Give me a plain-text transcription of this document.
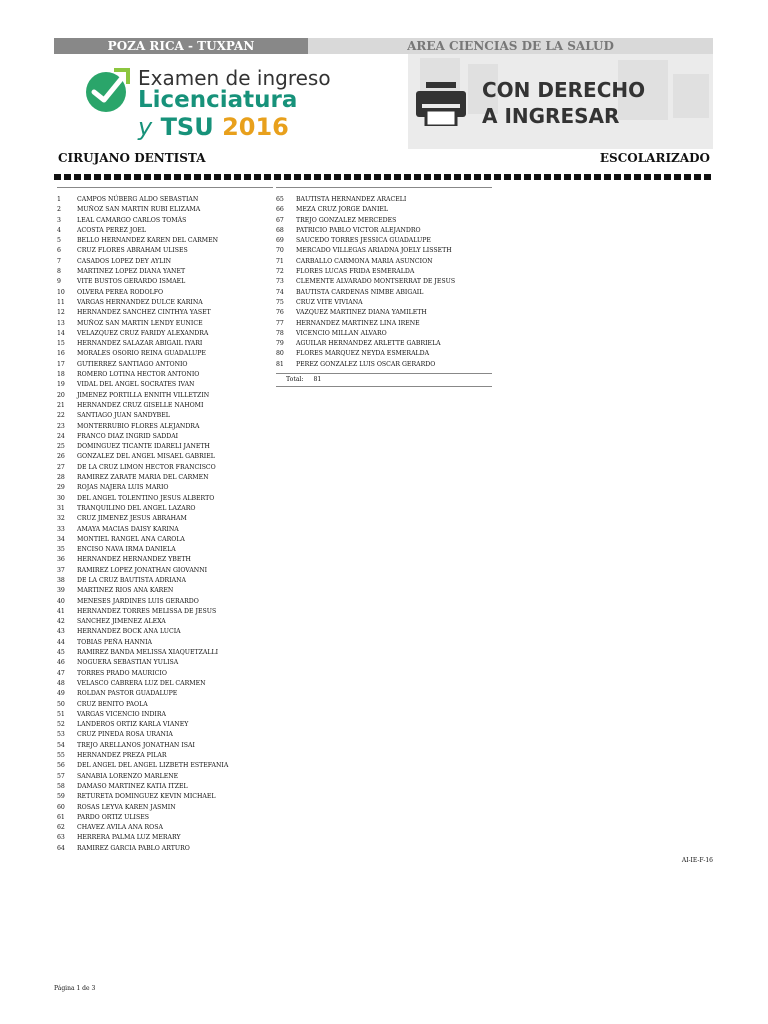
POZA RICA - TUXPAN	AREA CIENCIAS DE LA SALUD
Examen de ingreso
Licenciatura
y TSU 2016
CON DERECHO
A INGRESAR
CIRUJANO DENTISTA	ESCOLARIZADO
1	CAMPOS NÚBERG ALDO SEBASTIAN
2	MUÑOZ SAN MARTIN RUBI ELIZAMA
3	LEAL CAMARGO CARLOS TOMÁS
4	ACOSTA PEREZ JOEL
5	BELLO HERNANDEZ KAREN DEL CARMEN
6	CRUZ FLORES ABRAHAM ULISES
7	CASADOS LOPEZ DEY AYLIN
8	MARTINEZ LOPEZ DIANA YANET
9	VITE BUSTOS GERARDO ISMAEL
10	OLVERA PEREA RODOLFO
11	VARGAS HERNANDEZ DULCE KARINA
12	HERNANDEZ SANCHEZ CINTHYA YASET
13	MUÑOZ SAN MARTIN LENDY EUNICE
14	VELAZQUEZ CRUZ FARIDY ALEXANDRA
15	HERNANDEZ SALAZAR ABIGAIL IYARI
16	MORALES OSORIO REINA GUADALUPE
17	GUTIERREZ SANTIAGO ANTONIO
18	ROMERO LOTINA HECTOR ANTONIO
19	VIDAL DEL ANGEL SOCRATES IVAN
20	JIMENEZ PORTILLA ENNITH VILLETZIN
21	HERNANDEZ CRUZ GISELLE NAHOMI
22	SANTIAGO JUAN SANDYBEL
23	MONTERRUBIO FLORES ALEJANDRA
24	FRANCO DIAZ INGRID SADDAI
25	DOMINGUEZ TICANTE IDARELI JANETH
26	GONZALEZ DEL ANGEL MISAEL GABRIEL
27	DE LA CRUZ LIMON HECTOR FRANCISCO
28	RAMIREZ ZARATE MARIA DEL CARMEN
29	ROJAS NAJERA LUIS MARIO
30	DEL ANGEL TOLENTINO JESUS ALBERTO
31	TRANQUILINO DEL ANGEL LAZARO
32	CRUZ JIMENEZ JESUS ABRAHAM
33	AMAYA MACIAS DAISY KARINA
34	MONTIEL RANGEL ANA CAROLA
35	ENCISO NAVA IRMA DANIELA
36	HERNANDEZ HERNANDEZ YBETH
37	RAMIREZ LOPEZ JONATHAN GIOVANNI
38	DE LA CRUZ BAUTISTA ADRIANA
39	MARTINEZ RIOS ANA KAREN
40	MENESES JARDINES LUIS GERARDO
41	HERNANDEZ TORRES MELISSA DE JESUS
42	SANCHEZ JIMENEZ ALEXA
43	HERNANDEZ BOCK ANA LUCIA
44	TOBIAS PEÑA HANNIA
45	RAMIREZ BANDA MELISSA XIAQUETZALLI
46	NOGUERA SEBASTIAN YULISA
47	TORRES PRADO MAURICIO
48	VELASCO CABRERA LUZ DEL CARMEN
49	ROLDAN PASTOR GUADALUPE
50	CRUZ BENITO PAOLA
51	VARGAS VICENCIO INDIRA
52	LANDEROS ORTIZ KARLA VIANEY
53	CRUZ PINEDA ROSA URANIA
54	TREJO ARELLANOS JONATHAN ISAI
55	HERNANDEZ PREZA PILAR
56	DEL ANGEL DEL ANGEL LIZBETH ESTEFANIA
57	SANABIA LORENZO MARLENE
58	DAMASO MARTINEZ KATIA ITZEL
59	RETURETA DOMINGUEZ KEVIN MICHAEL
60	ROSAS LEYVA KAREN JASMIN
61	PARDO ORTIZ ULISES
62	CHAVEZ AVILA ANA ROSA
63	HERRERA PALMA LUZ MERARY
64	RAMIREZ GARCIA PABLO ARTURO
65	BAUTISTA HERNANDEZ ARACELI
66	MEZA CRUZ JORGE DANIEL
67	TREJO GONZALEZ MERCEDES
68	PATRICIO PABLO VICTOR ALEJANDRO
69	SAUCEDO TORRES JESSICA GUADALUPE
70	MERCADO VILLEGAS ARIADNA JOELY LISSETH
71	CARBALLO CARMONA MARIA ASUNCION
72	FLORES LUCAS FRIDA ESMERALDA
73	CLEMENTE ALVARADO MONTSERRAT DE JESUS
74	BAUTISTA CARDENAS NIMBE ABIGAIL
75	CRUZ VITE VIVIANA
76	VAZQUEZ MARTINEZ DIANA YAMILETH
77	HERNANDEZ MARTINEZ LINA IRENE
78	VICENCIO MILLAN ALVARO
79	AGUILAR HERNANDEZ ARLETTE GABRIELA
80	FLORES MARQUEZ NEYDA ESMERALDA
81	PEREZ GONZALEZ LUIS OSCAR GERARDO
Total: 81
AI-IE-F-16
Página 1 de 3
